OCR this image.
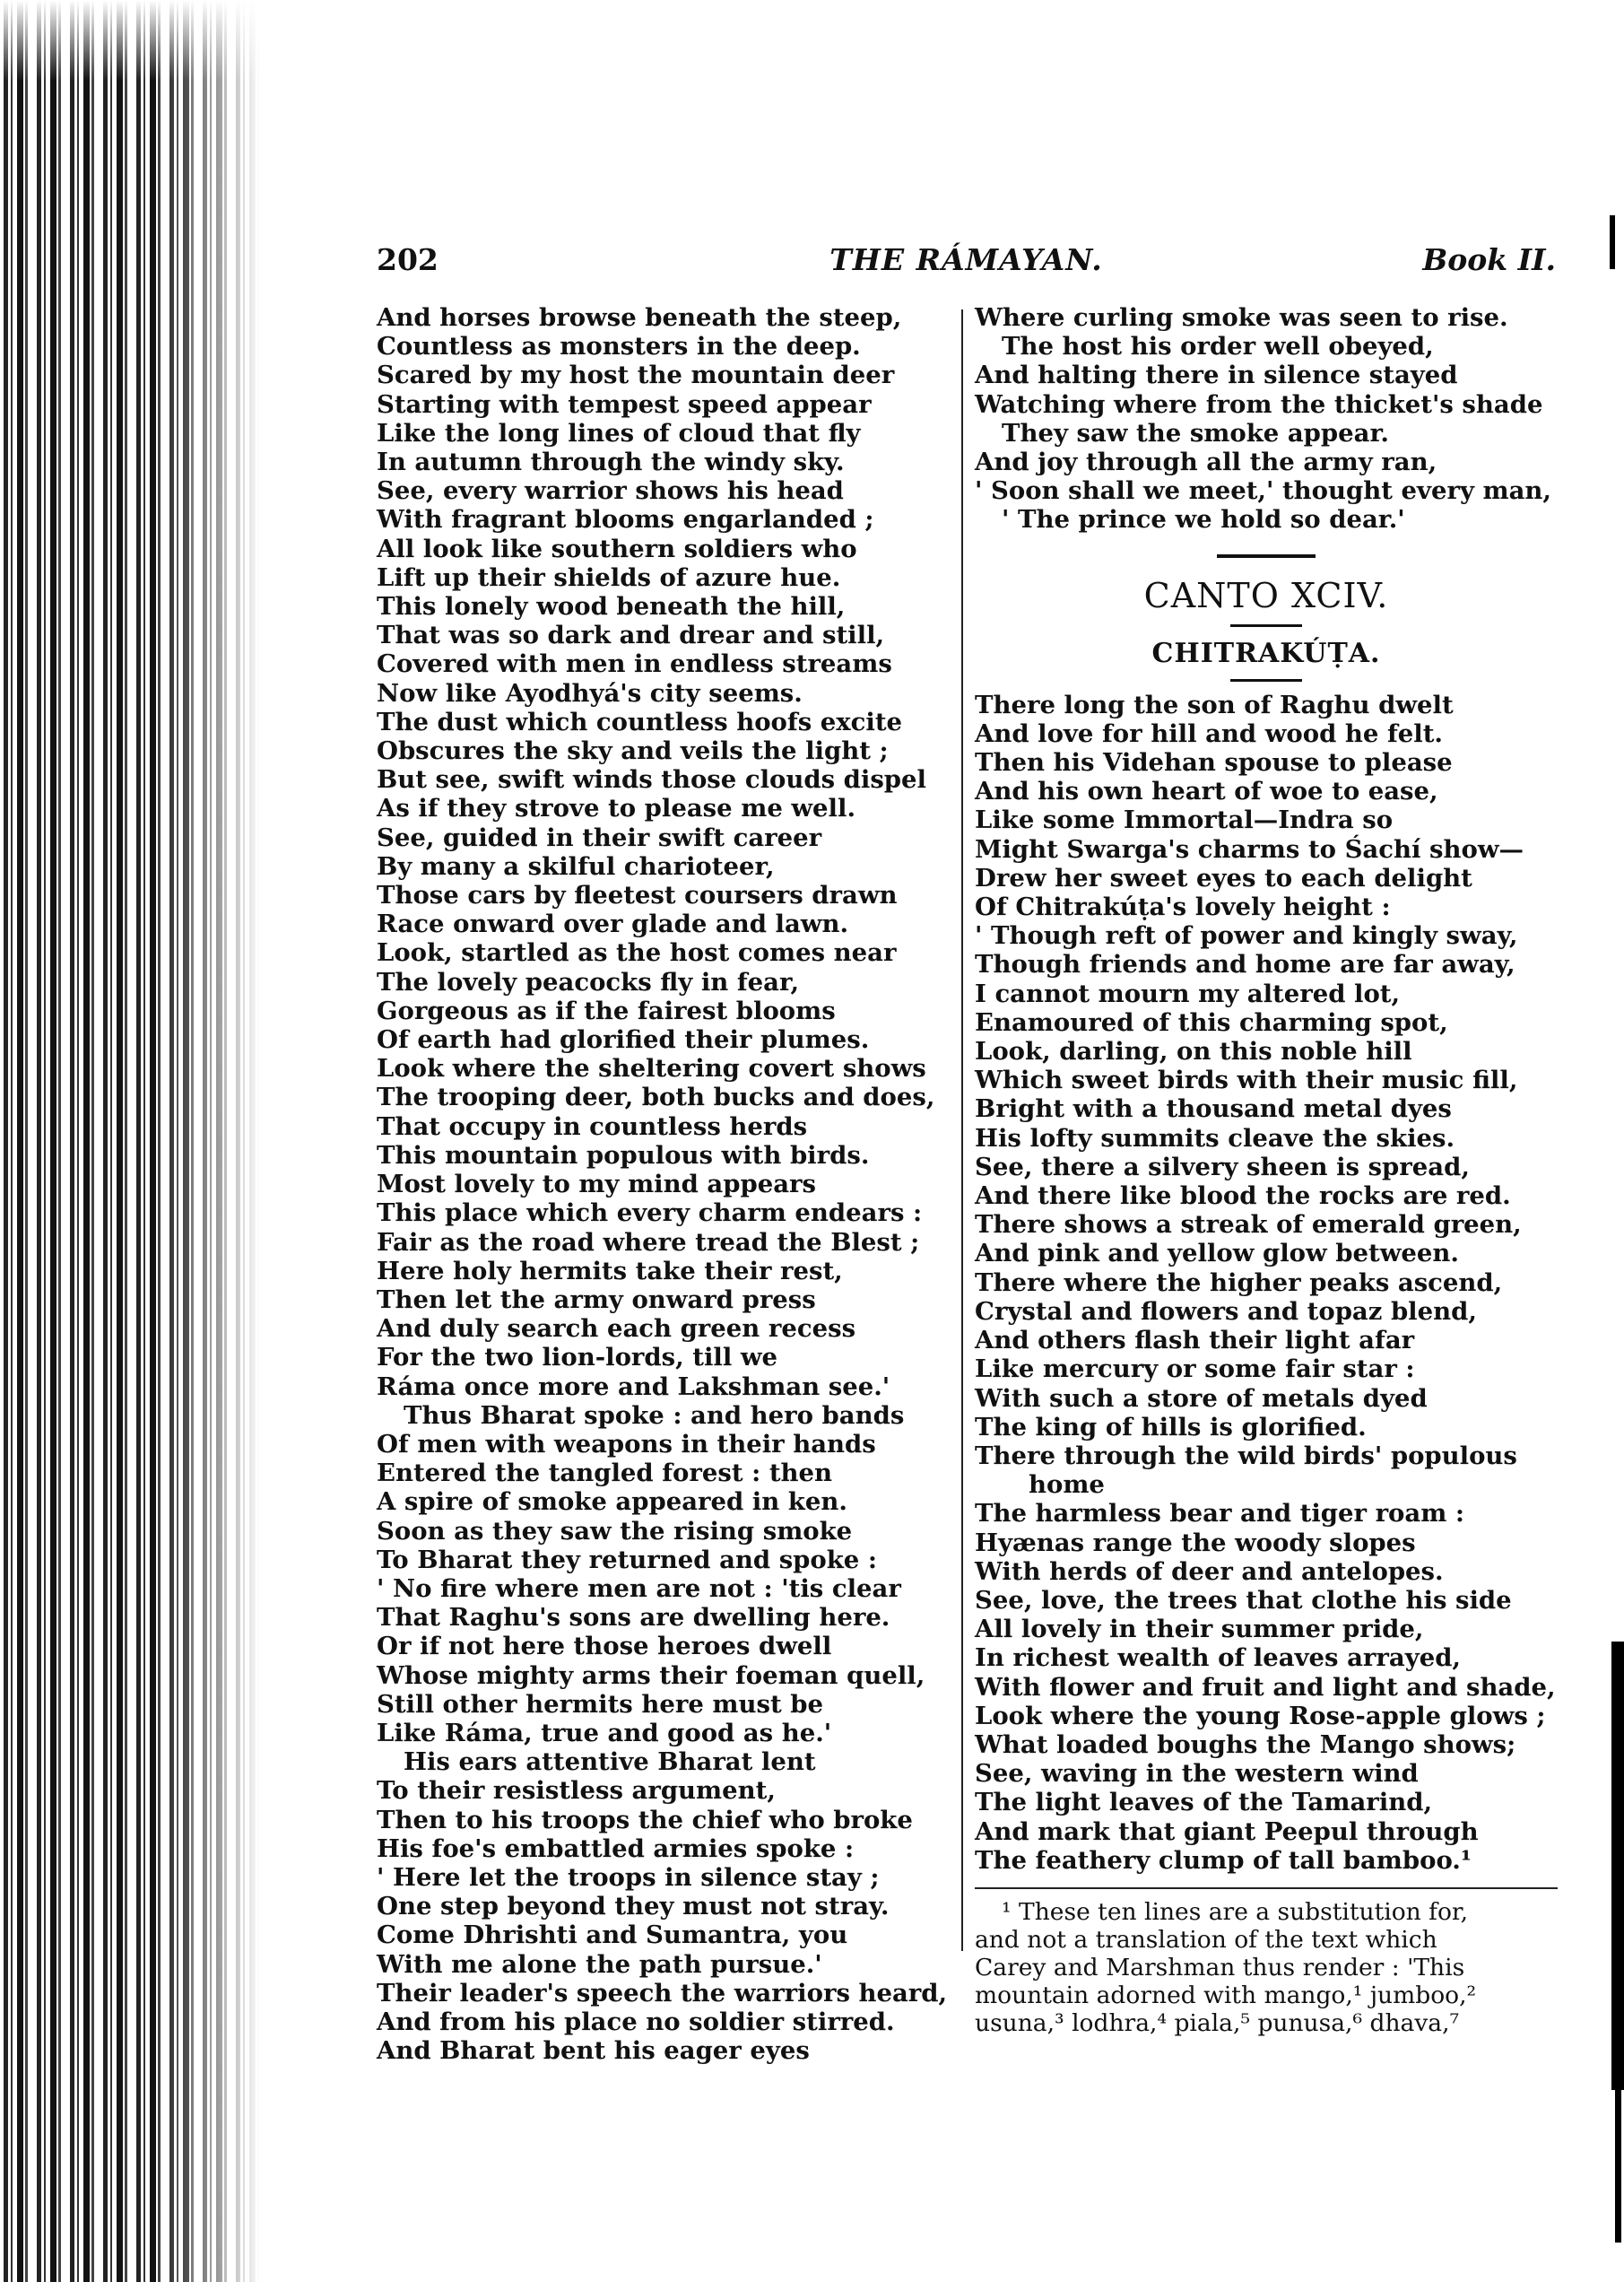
202	THE RÁMAYAN.	Book II.
And horses browse beneath the steep,
Countless as monsters in the deep.
Scared by my host the mountain deer
Starting with tempest speed appear
Like the long lines of cloud that fly
In autumn through the windy sky.
See, every warrior shows his head
With fragrant blooms engarlanded ;
All look like southern soldiers who
Lift up their shields of azure hue.
This lonely wood beneath the hill,
That was so dark and drear and still,
Covered with men in endless streams
Now like Ayodhyá's city seems.
The dust which countless hoofs excite
Obscures the sky and veils the light ;
But see, swift winds those clouds dispel
As if they strove to please me well.
See, guided in their swift career
By many a skilful charioteer,
Those cars by fleetest coursers drawn
Race onward over glade and lawn.
Look, startled as the host comes near
The lovely peacocks fly in fear,
Gorgeous as if the fairest blooms
Of earth had glorified their plumes.
Look where the sheltering covert shows
The trooping deer, both bucks and does,
That occupy in countless herds
This mountain populous with birds.
Most lovely to my mind appears
This place which every charm endears :
Fair as the road where tread the Blest ;
Here holy hermits take their rest,
Then let the army onward press
And duly search each green recess
For the two lion-lords, till we
Ráma once more and Lakshman see.'
Thus Bharat spoke : and hero bands
Of men with weapons in their hands
Entered the tangled forest : then
A spire of smoke appeared in ken.
Soon as they saw the rising smoke
To Bharat they returned and spoke :
' No fire where men are not : 'tis clear
That Raghu's sons are dwelling here.
Or if not here those heroes dwell
Whose mighty arms their foeman quell,
Still other hermits here must be
Like Ráma, true and good as he.'
His ears attentive Bharat lent
To their resistless argument,
Then to his troops the chief who broke
His foe's embattled armies spoke :
' Here let the troops in silence stay ;
One step beyond they must not stray.
Come Dhrishti and Sumantra, you
With me alone the path pursue.'
Their leader's speech the warriors heard,
And from his place no soldier stirred.
And Bharat bent his eager eyes
Where curling smoke was seen to rise.
The host his order well obeyed,
And halting there in silence stayed
Watching where from the thicket's shade
They saw the smoke appear.
And joy through all the army ran,
' Soon shall we meet,' thought every man,
' The prince we hold so dear.'
CANTO XCIV.
CHITRAKÚṬA.
There long the son of Raghu dwelt
And love for hill and wood he felt.
Then his Videhan spouse to please
And his own heart of woe to ease,
Like some Immortal—Indra so
Might Swarga's charms to Śachí show—
Drew her sweet eyes to each delight
Of Chitrakúṭa's lovely height :
' Though reft of power and kingly sway,
Though friends and home are far away,
I cannot mourn my altered lot,
Enamoured of this charming spot,
Look, darling, on this noble hill
Which sweet birds with their music fill,
Bright with a thousand metal dyes
His lofty summits cleave the skies.
See, there a silvery sheen is spread,
And there like blood the rocks are red.
There shows a streak of emerald green,
And pink and yellow glow between.
There where the higher peaks ascend,
Crystal and flowers and topaz blend,
And others flash their light afar
Like mercury or some fair star :
With such a store of metals dyed
The king of hills is glorified.
There through the wild birds' populous
home
The harmless bear and tiger roam :
Hyænas range the woody slopes
With herds of deer and antelopes.
See, love, the trees that clothe his side
All lovely in their summer pride,
In richest wealth of leaves arrayed,
With flower and fruit and light and shade,
Look where the young Rose-apple glows ;
What loaded boughs the Mango shows;
See, waving in the western wind
The light leaves of the Tamarind,
And mark that giant Peepul through
The feathery clump of tall bamboo.¹
¹ These ten lines are a substitution for,
and not a translation of the text which
Carey and Marshman thus render : 'This
mountain adorned with mango,¹ jumboo,²
usuna,³ lodhra,⁴ piala,⁵ punusa,⁶ dhava,⁷
